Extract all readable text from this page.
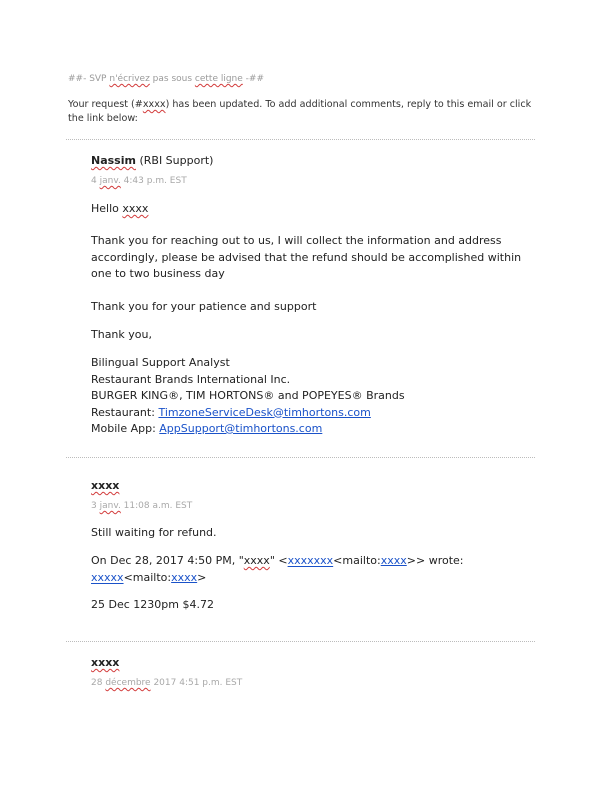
##- SVP n'écrivez pas sous cette ligne -##
Your request (#xxxx) has been updated. To add additional comments, reply to this email or click the link below:
Nassim (RBI Support)
4 janv. 4:43 p.m. EST
Hello xxxx
Thank you for reaching out to us, I will collect the information and address accordingly, please be advised that the refund should be accomplished within one to two business day
Thank you for your patience and support
Thank you,
Bilingual Support Analyst
Restaurant Brands International Inc.
BURGER KING®, TIM HORTONS® and POPEYES® Brands
Restaurant: TimzoneServiceDesk@timhortons.com
Mobile App: AppSupport@timhortons.com
xxxx
3 janv. 11:08 a.m. EST
Still waiting for refund.
On Dec 28, 2017 4:50 PM, "xxxx" <xxxxxxx<mailto:xxxx>> wrote:
xxxxx<mailto:xxxx>
25 Dec 1230pm $4.72
xxxx
28 décembre 2017 4:51 p.m. EST
